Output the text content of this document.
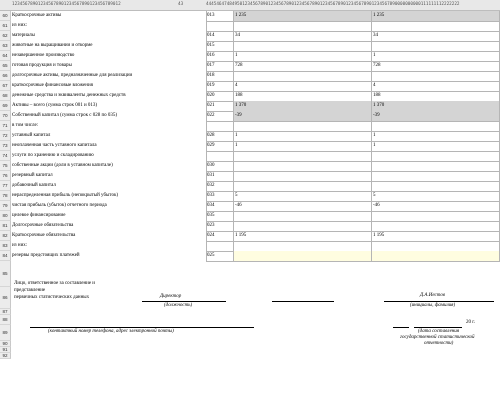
123456789012345678901234567890123456789012	43	44454647484950123456789012345678901234567890123456789012345678901234567890000000000111111112222222
60 Краткосрочные активы	013	1 235	1 235
61 из них:
62 материалы	014	34	34
63 животные на выращивании и откорме	015
64 незавершенное производство	016	1	1
65 готовая продукция и товары	017	728	728
66 долгосрочные активы, предназначенные для реализации	018
67 краткосрочные финансовые вложения	019	4	4
68 денежные средства и эквиваленты денежных средств	020	188	188
69 Активы – всего (сумма строк 001 и 013)	021	1 370	1 370
70 Собственный капитал (сумма строк с 028 по 035)	022	-39	-39
71 в том числе:
72 уставный капитал	028	1	1
73 неоплаченная часть уставного капитала	029	1	1
74 услуги по хранению и складированию
75 собственные акции (доли в уставном капитале)	030
76 резервный капитал	031
77 добавочный капитал	032
78 нераспределенная прибыль (непокрытый убыток)	033	5	5
79 чистая прибыль (убыток) отчетного периода	034	-46	-46
80 целевое финансирование	035
81 Долгосрочные обязательства	023
82 Краткосрочные обязательства	024	1 195	1 195
83 из них:
84 резервы предстоящих платежей	025
85
86
87
88
89
90
91
92
Лицо, ответственное за составление и
представление
первичных статистических данных	Директор
(должность)
Д.А.Иестов
(инициалы, фамилия)
(контактный номер телефона, адрес электронной почты)
20 г.
(дата составления
государственной статистической
отчетности)
